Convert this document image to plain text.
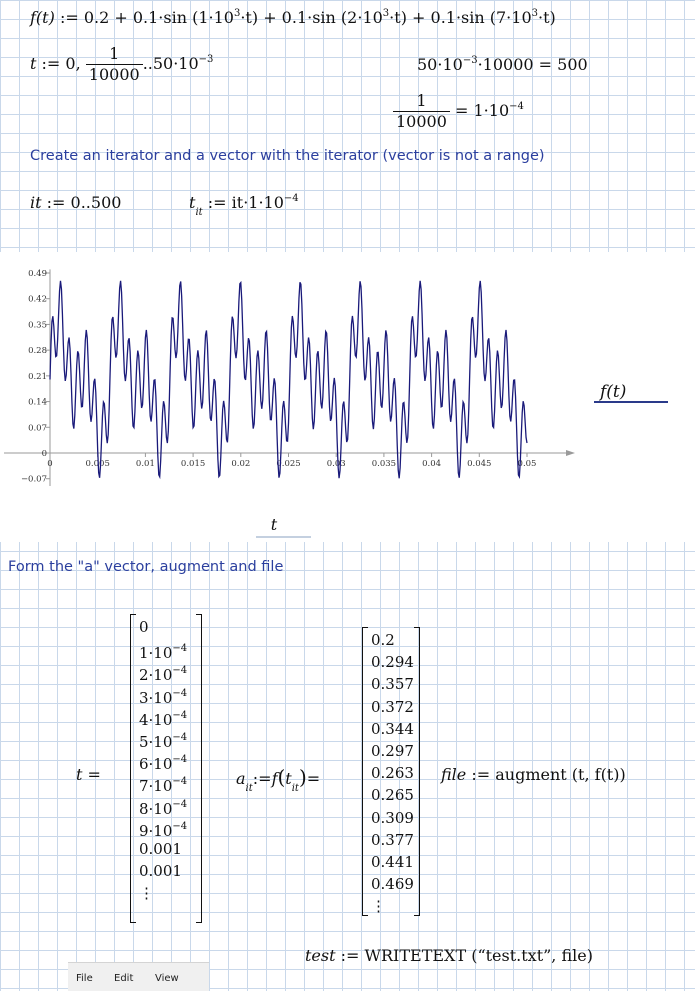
f(t) := 0.2 + 0.1·sin $(1\cdot 10^3\cdot t) + 0.1\cdot\sin$ $(2\cdot 10^3\cdot t) + 0.1\cdot\sin$ $(7\cdot 10^3\cdot t)$
t := 0, $\frac{1}{10000} ..50\cdot 10^{-3}$	$50\cdot 10^{-3}\cdot 10000 = 500$
$\frac{1}{10000} = 1\cdot 10^{-4}$
Create an iterator and a vector with the iterator (vector is not a range)
it := 0..500	$t_{it}$ := $it\cdot 1\cdot 10^{-4}$
−0.07
0
0.07
0.14
0.21
0.28
0.35
0.42
0.49
0	0.005	0.01	0.015	0.02	0.025	0.03	0.035	0.04	0.045	0.05
f(t)
t
Form the "a" vector, augment and file
t =
0
$1\cdot 10^{-4}$
$2\cdot 10^{-4}$
$3\cdot 10^{-4}$
$4\cdot 10^{-4}$
$5\cdot 10^{-4}$
$6\cdot 10^{-4}$
$7\cdot 10^{-4}$
$8\cdot 10^{-4}$
$9\cdot 10^{-4}$
0.001
0.001
⋮
$a_{it}:=f(t_{it})=$
0.2
0.294
0.357
0.372
0.344
0.297
0.263
0.265
0.309
0.377
0.441
0.469
⋮
file := augment (t, f(t))
test := WRITETEXT (“test.txt”, file)
File Edit View
